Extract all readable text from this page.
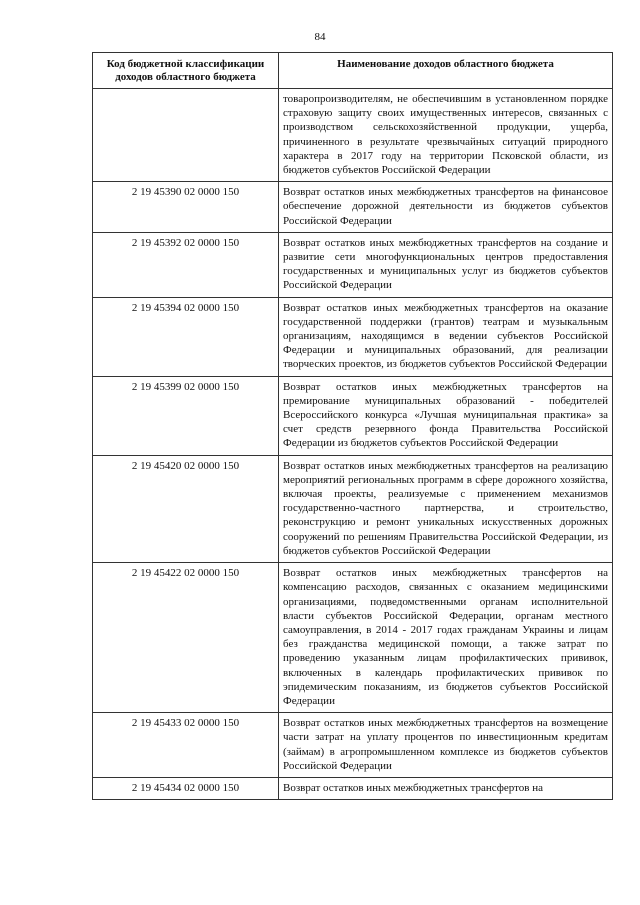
84
Код бюджетной классификации доходов областного бюджета	Наименование доходов областного бюджета
	товаропроизводителям, не обеспечившим в установленном порядке страховую защиту своих имущественных интересов, связанных с производством сельскохозяйственной продукции, ущерба, причиненного в результате чрезвычайных ситуаций природного характера в 2017 году на территории Псковской области, из бюджетов субъектов Российской Федерации
2 19 45390 02 0000 150	Возврат остатков иных межбюджетных трансфертов на финансовое обеспечение дорожной деятельности из бюджетов субъектов Российской Федерации
2 19 45392 02 0000 150	Возврат остатков иных межбюджетных трансфертов на создание и развитие сети многофункциональных центров предоставления государственных и муниципальных услуг из бюджетов субъектов Российской Федерации
2 19 45394 02 0000 150	Возврат остатков иных межбюджетных трансфертов на оказание государственной поддержки (грантов) театрам и музыкальным организациям, находящимся в ведении субъектов Российской Федерации и муниципальных образований, для реализации творческих проектов, из бюджетов субъектов Российской Федерации
2 19 45399 02 0000 150	Возврат остатков иных межбюджетных трансфертов на премирование муниципальных образований - победителей Всероссийского конкурса «Лучшая муниципальная практика» за счет средств резервного фонда Правительства Российской Федерации из бюджетов субъектов Российской Федерации
2 19 45420 02 0000 150	Возврат остатков иных межбюджетных трансфертов на реализацию мероприятий региональных программ в сфере дорожного хозяйства, включая проекты, реализуемые с применением механизмов государственно-частного партнерства, и строительство, реконструкцию и ремонт уникальных искусственных дорожных сооружений по решениям Правительства Российской Федерации, из бюджетов субъектов Российской Федерации
2 19 45422 02 0000 150	Возврат остатков иных межбюджетных трансфертов на компенсацию расходов, связанных с оказанием медицинскими организациями, подведомственными органам исполнительной власти субъектов Российской Федерации, органам местного самоуправления, в 2014 - 2017 годах гражданам Украины и лицам без гражданства медицинской помощи, а также затрат по проведению указанным лицам профилактических прививок, включенных в календарь профилактических прививок по эпидемическим показаниям, из бюджетов субъектов Российской Федерации
2 19 45433 02 0000 150	Возврат остатков иных межбюджетных трансфертов на возмещение части затрат на уплату процентов по инвестиционным кредитам (займам) в агропромышленном комплексе из бюджетов субъектов Российской Федерации
2 19 45434 02 0000 150	Возврат остатков иных межбюджетных трансфертов на
